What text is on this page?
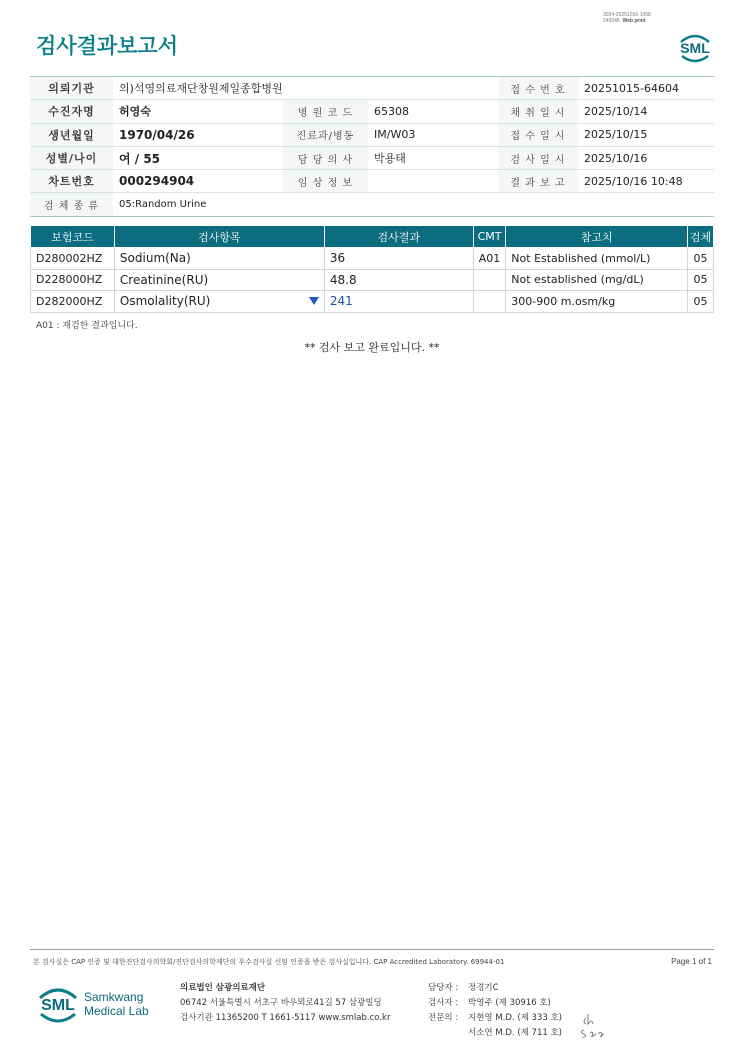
3034-20251016-1058
240046 Web print
검사결과보고서	SML
의뢰기관	의)석영의료재단창원제일종합병원			접 수 번 호	20251015-64604
수진자명	허영숙	병 원 코 드	65308	채 취 일 시	2025/10/14
생년월일	1970/04/26	진료과/병동	IM/W03	접 수 일 시	2025/10/15
성별/나이	여 / 55	담 당 의 사	박용태	검 사 일 시	2025/10/16
차트번호	000294904	임 상 정 보		결 과 보 고	2025/10/16 10:48
검 체 종 류	05:Random Urine				
보험코드	검사항목	검사결과	CMT	참고치	검체
D280002HZ	Sodium(Na)	36	A01	Not Established (mmol/L)	05
D228000HZ	Creatinine(RU)	48.8		Not established (mg/dL)	05
D282000HZ	Osmolality(RU)	241		300-900 m.osm/kg	05
A01 : 재검한 결과입니다.
** 검사 보고 완료입니다. **
본 검사실은 CAP 인증 및 대한진단검사의학회/진단검사의학재단의 우수검사실 신임 인증을 받은 검사실입니다. CAP Accredited Laboratory. 69944-01	Page 1 of 1
SML Samkwang
Medical Lab
의료법인 삼광의료재단
06742 서울특별시 서초구 바우뫼로41길 57 삼광빌딩
검사기관 11365200 T 1661-5117 www.smlab.co.kr
담당자 : 정경기C
검사자 : 박영주 (제 30916 호)
전문의 : 지현영 M.D. (제 333 호)
서소연 M.D. (제 711 호)
